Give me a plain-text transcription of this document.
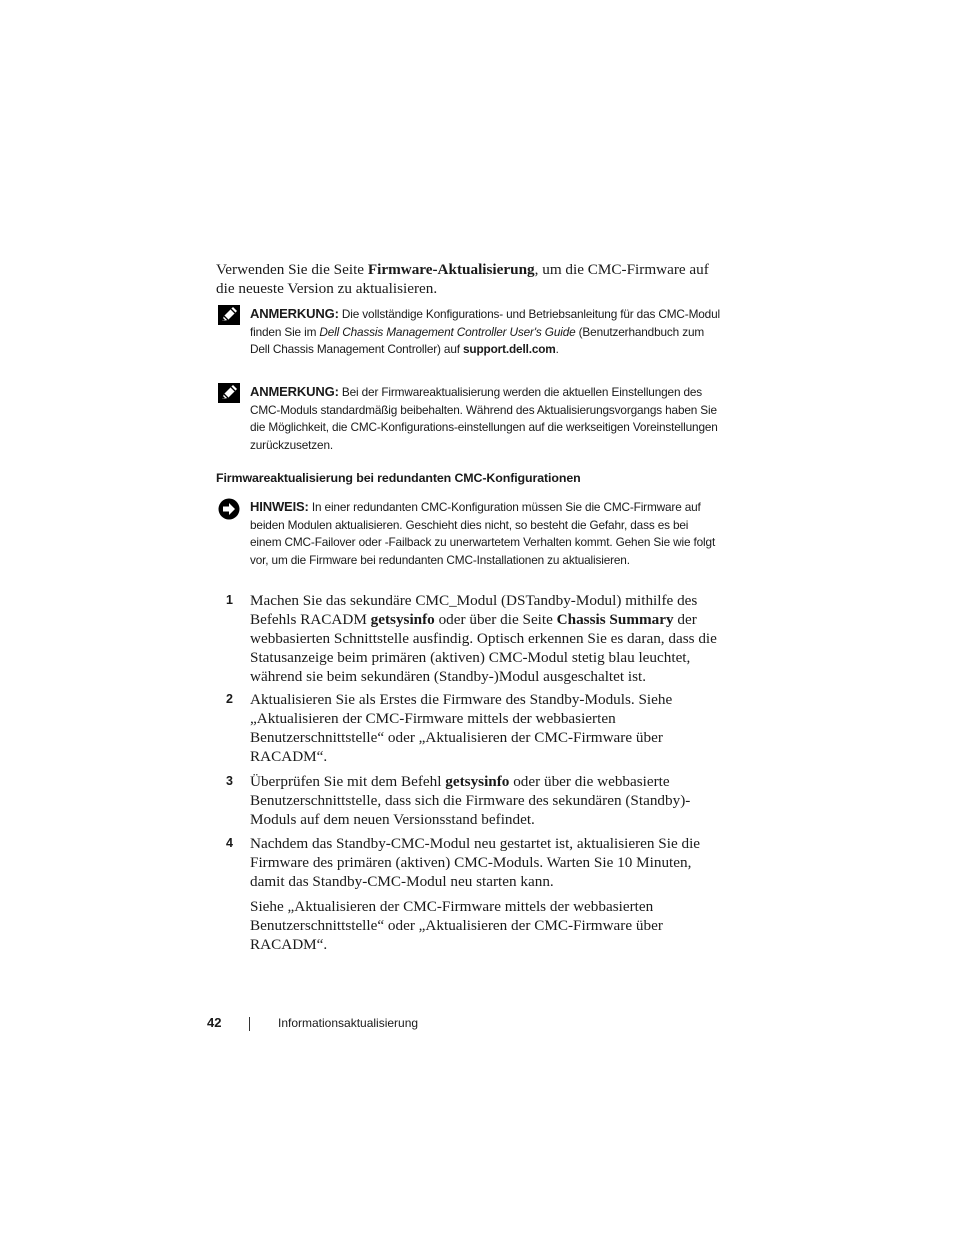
Verwenden Sie die Seite Firmware-Aktualisierung, um die CMC-Firmware auf die neueste Version zu aktualisieren.

ANMERKUNG: Die vollständige Konfigurations- und Betriebsanleitung für das CMC-Modul finden Sie im Dell Chassis Management Controller User's Guide (Benutzerhandbuch zum Dell Chassis Management Controller) auf support.dell.com.
ANMERKUNG: Bei der Firmwareaktualisierung werden die aktuellen Einstellungen des CMC-Moduls standardmäßig beibehalten. Während des Aktualisierungsvorgangs haben Sie die Möglichkeit, die CMC-Konfigurations-einstellungen auf die werkseitigen Voreinstellungen zurückzusetzen.
Firmwareaktualisierung bei redundanten CMC-Konfigurationen
HINWEIS: In einer redundanten CMC-Konfiguration müssen Sie die CMC-Firmware auf beiden Modulen aktualisieren. Geschieht dies nicht, so besteht die Gefahr, dass es bei einem CMC-Failover oder -Failback zu unerwartetem Verhalten kommt. Gehen Sie wie folgt vor, um die Firmware bei redundanten CMC-Installationen zu aktualisieren.
1 Machen Sie das sekundäre CMC_Modul (DSTandby-Modul) mithilfe des Befehls RACADM getsysinfo oder über die Seite Chassis Summary der webbasierten Schnittstelle ausfindig. Optisch erkennen Sie es daran, dass die Statusanzeige beim primären (aktiven) CMC-Modul stetig blau leuchtet, während sie beim sekundären (Standby-)Modul ausgeschaltet ist.

2 Aktualisieren Sie als Erstes die Firmware des Standby-Moduls. Siehe „Aktualisieren der CMC-Firmware mittels der webbasierten Benutzerschnittstelle“ oder „Aktualisieren der CMC-Firmware über RACADM“.

3 Überprüfen Sie mit dem Befehl getsysinfo oder über die webbasierte Benutzerschnittstelle, dass sich die Firmware des sekundären (Standby)-Moduls auf dem neuen Versionsstand befindet.

4 Nachdem das Standby-CMC-Modul neu gestartet ist, aktualisieren Sie die Firmware des primären (aktiven) CMC-Moduls. Warten Sie 10 Minuten, damit das Standby-CMC-Modul neu starten kann.

Siehe „Aktualisieren der CMC-Firmware mittels der webbasierten Benutzerschnittstelle“ oder „Aktualisieren der CMC-Firmware über RACADM“.

42	Informationsaktualisierung
